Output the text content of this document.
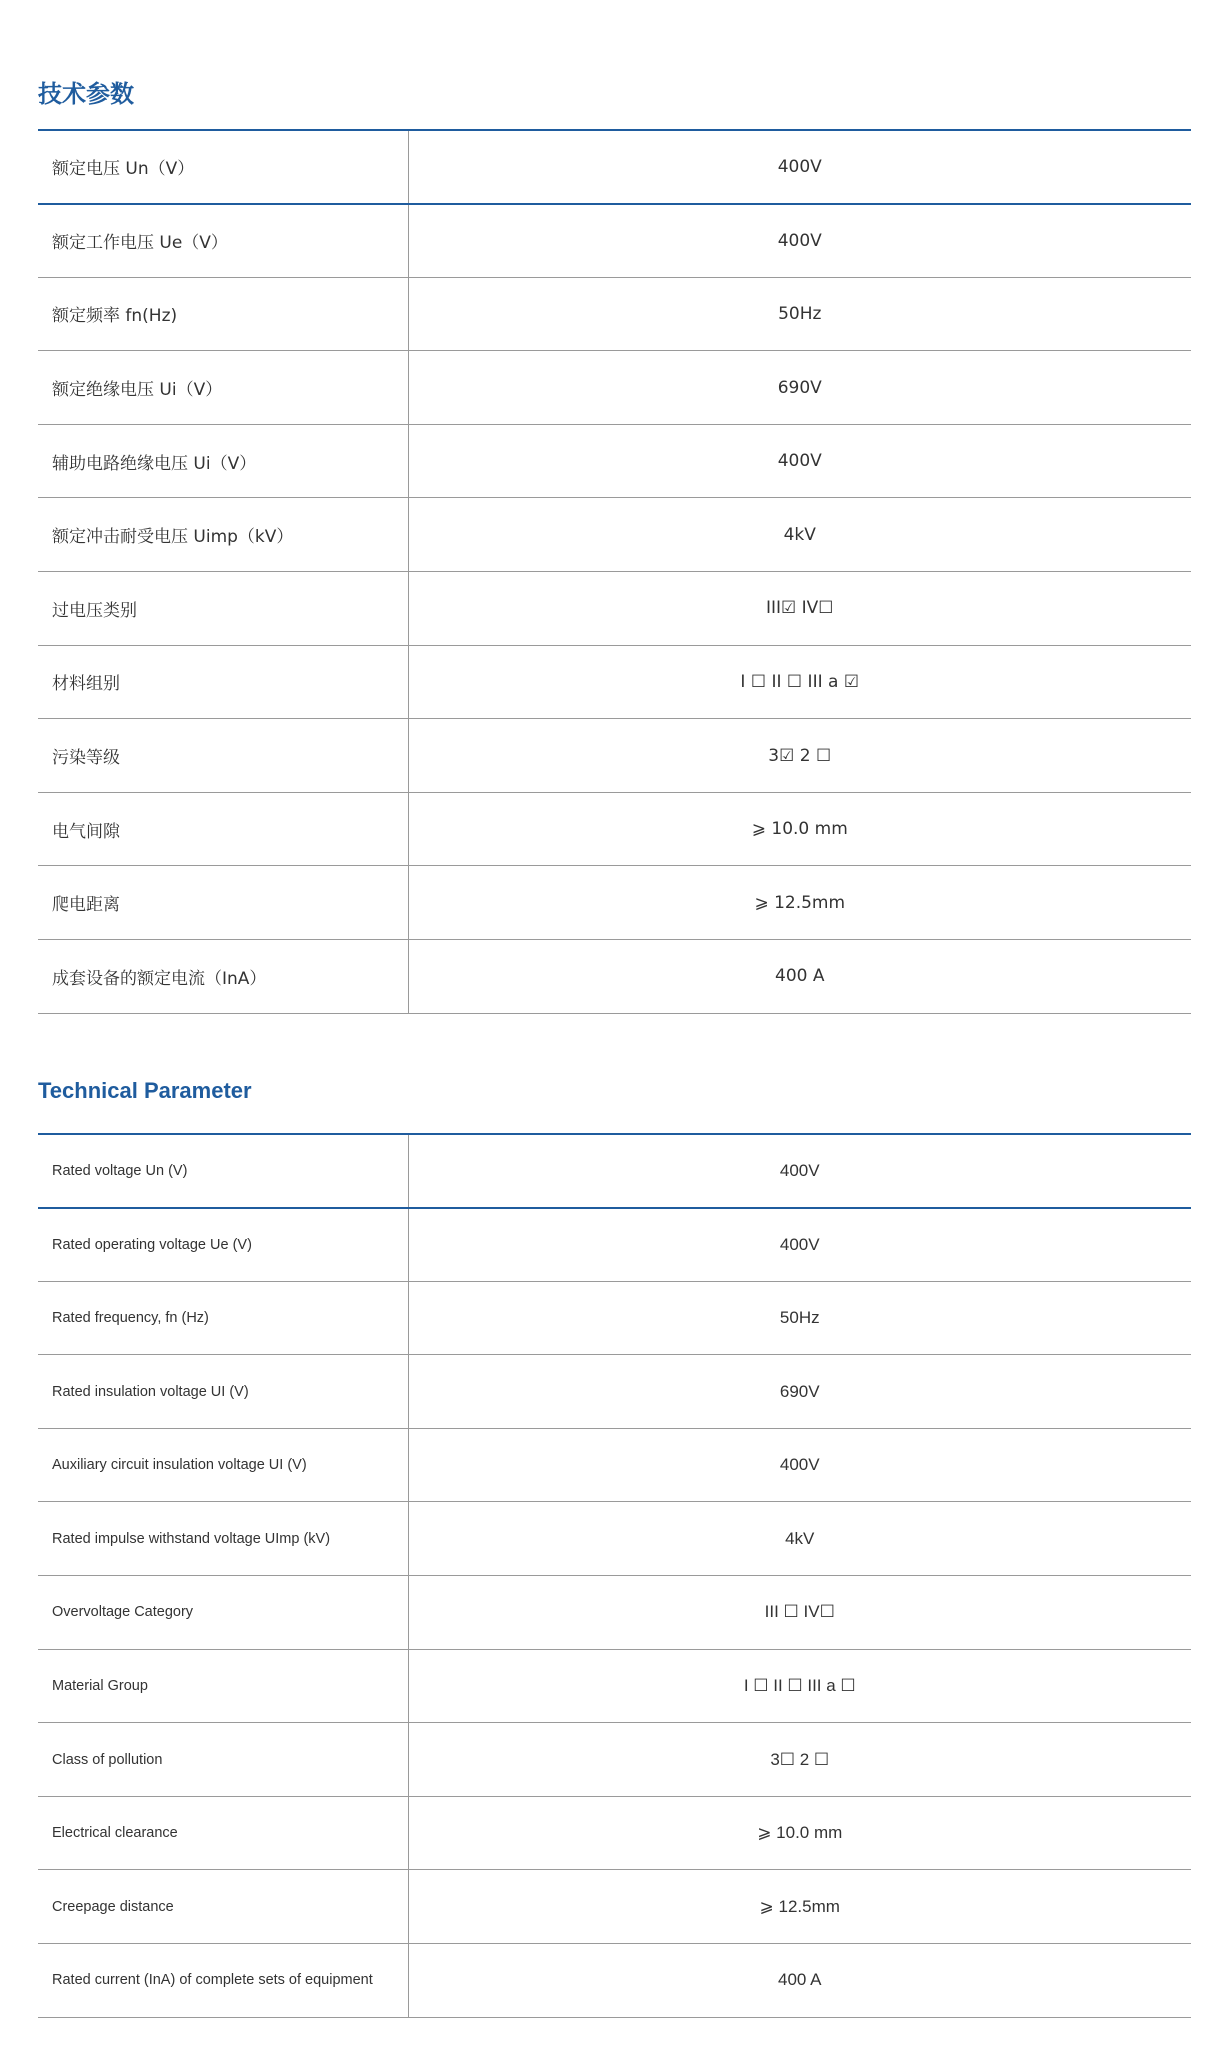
技术参数
额定电压 Un（V）	400V
额定工作电压 Ue（V）	400V
额定频率 fn(Hz)	50Hz
额定绝缘电压 Ui（V）	690V
辅助电路绝缘电压 Ui（V）	400V
额定冲击耐受电压 Uimp（kV）	4kV
过电压类别	III☑ IV☐
材料组别	I ☐ II ☐ III a ☑
污染等级	3☑ 2 ☐
电气间隙	⩾ 10.0 mm
爬电距离	⩾ 12.5mm
成套设备的额定电流（InA）	400 A
Technical Parameter
Rated voltage Un (V)	400V
Rated operating voltage Ue (V)	400V
Rated frequency, fn (Hz)	50Hz
Rated insulation voltage UI (V)	690V
Auxiliary circuit insulation voltage UI (V)	400V
Rated impulse withstand voltage UImp (kV)	4kV
Overvoltage Category	III ☐ IV☐
Material Group	I ☐ II ☐ III a ☐
Class of pollution	3☐ 2 ☐
Electrical clearance	⩾ 10.0 mm
Creepage distance	⩾ 12.5mm
Rated current (InA) of complete sets of equipment	400 A
